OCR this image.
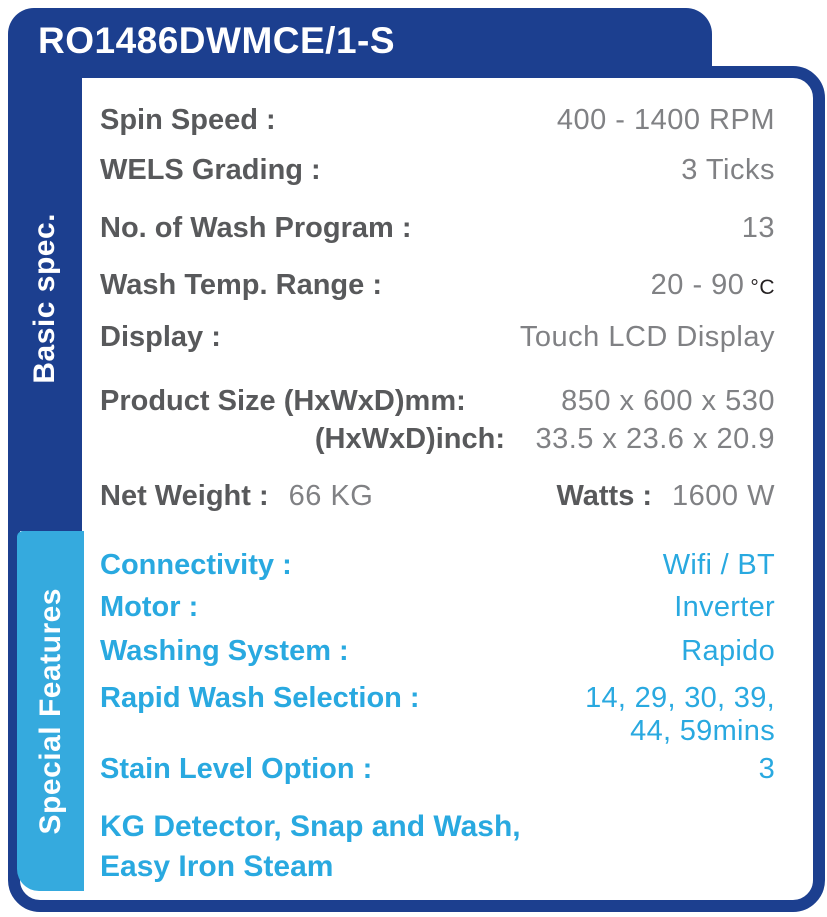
RO1486DWMCE/1-S
Basic spec.
Special Features
Spin Speed :	400 - 1400 RPM
WELS Grading :	3 Ticks
No. of Wash Program :	13
Wash Temp. Range :	20 - 90 °C
Display :	Touch LCD Display
Product Size (HxWxD)mm:	850 x 600 x 530
(HxWxD)inch:	33.5 x 23.6 x 20.9
Net Weight : 66 KG	Watts : 1600 W
Connectivity :	Wifi / BT
Motor :	Inverter
Washing System :	Rapido
Rapid Wash Selection :	14, 29, 30, 39,
44, 59mins
Stain Level Option :	3
KG Detector, Snap and Wash,
Easy Iron Steam
